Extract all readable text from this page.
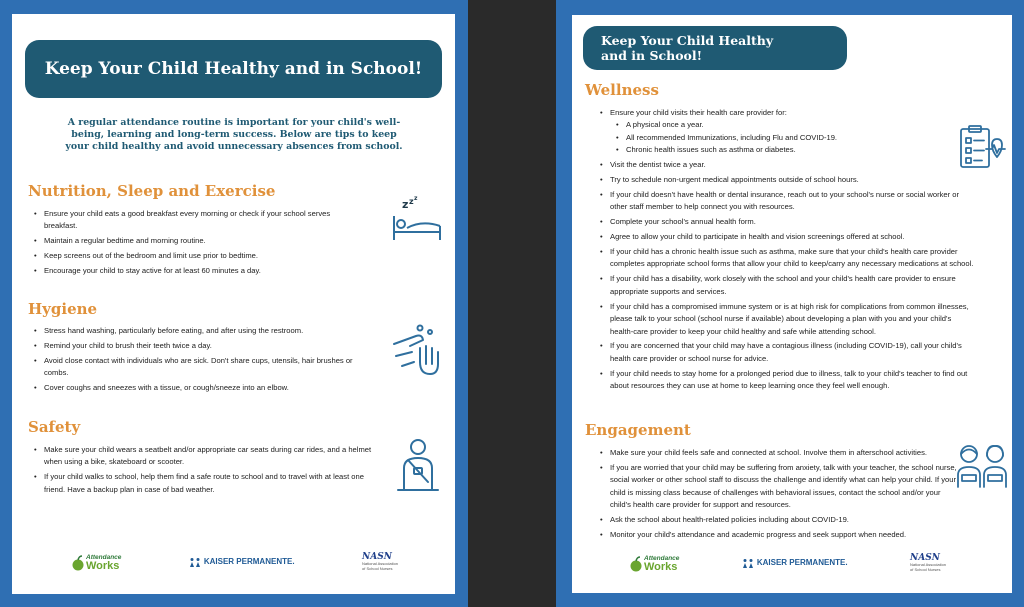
Keep Your Child Healthy and in School!
A regular attendance routine is important for your child's well-being, learning and long-term success. Below are tips to keep your child healthy and avoid unnecessary absences from school.
Nutrition, Sleep and Exercise
• Ensure your child eats a good breakfast every morning or check if your school serves breakfast.
• Maintain a regular bedtime and morning routine.
• Keep screens out of the bedroom and limit use prior to bedtime.
• Encourage your child to stay active for at least 60 minutes a day.
z z z
Hygiene
• Stress hand washing, particularly before eating, and after using the restroom.
• Remind your child to brush their teeth twice a day.
• Avoid close contact with individuals who are sick. Don't share cups, utensils, hair brushes or combs.
• Cover coughs and sneezes with a tissue, or cough/sneeze into an elbow.
Safety
• Make sure your child wears a seatbelt and/or appropriate car seats during car rides, and a helmet when using a bike, skateboard or scooter.
• If your child walks to school, help them find a safe route to school and to travel with at least one friend. Have a backup plan in case of bad weather.
Attendance
Works	KAISER PERMANENTE.	NASN
National Association of School Nurses
Keep Your Child Healthy
and in School!
Wellness
• Ensure your child visits their health care provider for:
• A physical once a year.
• All recommended Immunizations, including Flu and COVID-19.
• Chronic health issues such as asthma or diabetes.
• Visit the dentist twice a year.
• Try to schedule non-urgent medical appointments outside of school hours.
• If your child doesn't have health or dental insurance, reach out to your school's nurse or social worker or other staff member to help connect you with resources.
• Complete your school's annual health form.
• Agree to allow your child to participate in health and vision screenings offered at school.
• If your child has a chronic health issue such as asthma, make sure that your child's health care provider completes appropriate school forms that allow your child to keep/carry any necessary medications at school.
• If your child has a disability, work closely with the school and your child's health care provider to ensure appropriate supports and services.
• If your child has a compromised immune system or is at high risk for complications from common illnesses, please talk to your school (school nurse if available) about developing a plan with you and your child's health-care provider to keep your child healthy and safe while attending school.
• If you are concerned that your child may have a contagious illness (including COVID-19), call your child's health care provider or school nurse for advice.
• If your child needs to stay home for a prolonged period due to illness, talk to your child's teacher to find out about resources they can use at home to keep learning once they feel well enough.
Engagement
• Make sure your child feels safe and connected at school. Involve them in afterschool activities.
• If you are worried that your child may be suffering from anxiety, talk with your teacher, the school nurse, social worker or other school staff to discuss the challenge and identify what can help your child. If your child is missing class because of challenges with behavioral issues, contact the school and/or your child's health care provider for support and resources.
• Ask the school about health-related policies including about COVID-19.
• Monitor your child's attendance and academic progress and seek support when needed.
Attendance
Works	KAISER PERMANENTE.	NASN
National Association of School Nurses
